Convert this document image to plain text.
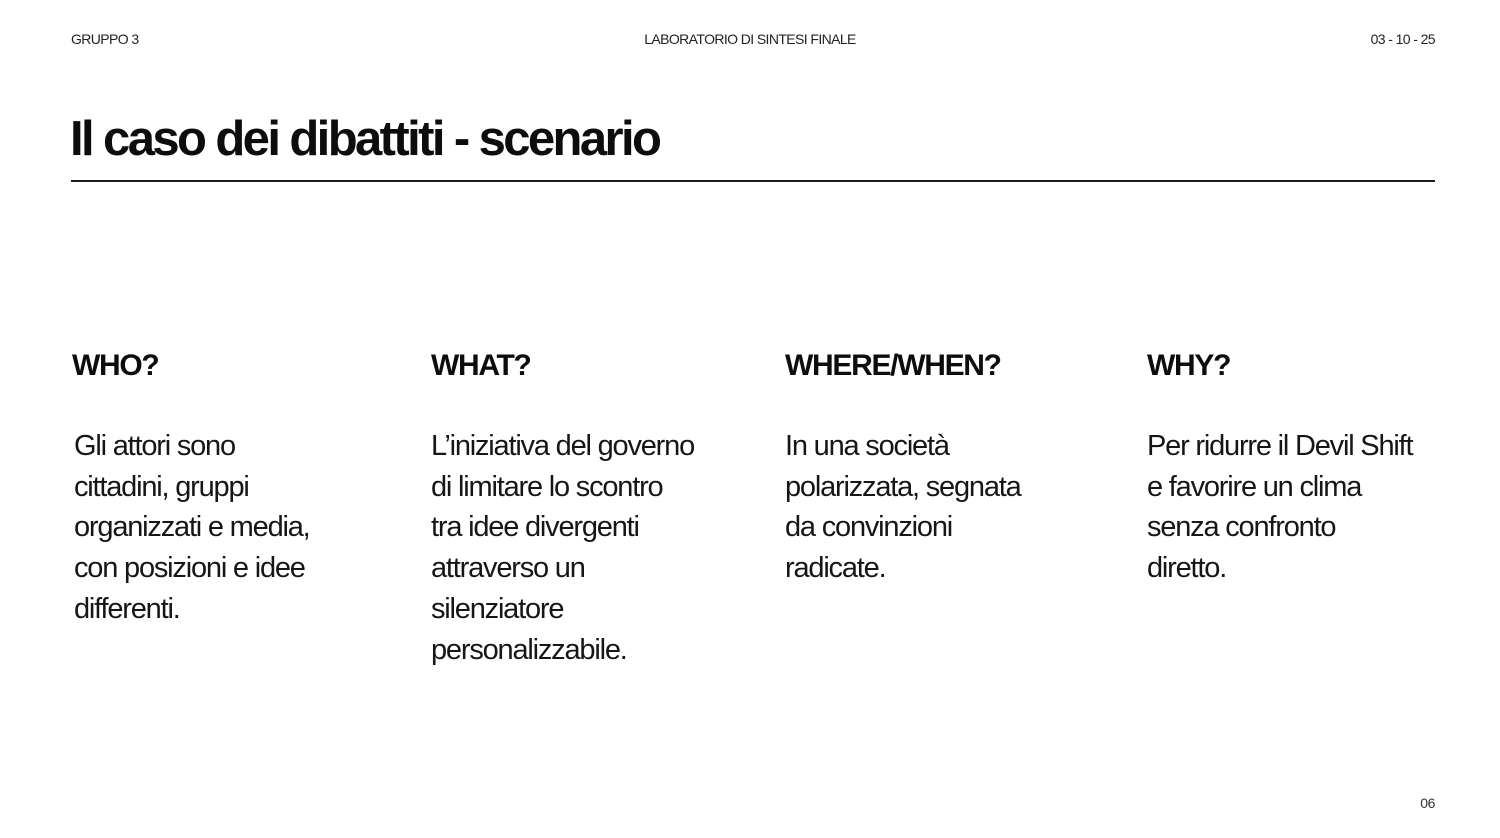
GRUPPO 3	LABORATORIO DI SINTESI FINALE	03 - 10 - 25
Il caso dei dibattiti - scenario
WHO?

Gli attori sono
cittadini, gruppi
organizzati e media,
con posizioni e idee
differenti.

WHAT?

L’iniziativa del governo
di limitare lo scontro
tra idee divergenti
attraverso un
silenziatore
personalizzabile.

WHERE/WHEN?

In una società
polarizzata, segnata
da convinzioni
radicate.

WHY?

Per ridurre il Devil Shift
e favorire un clima
senza confronto
diretto.

06
